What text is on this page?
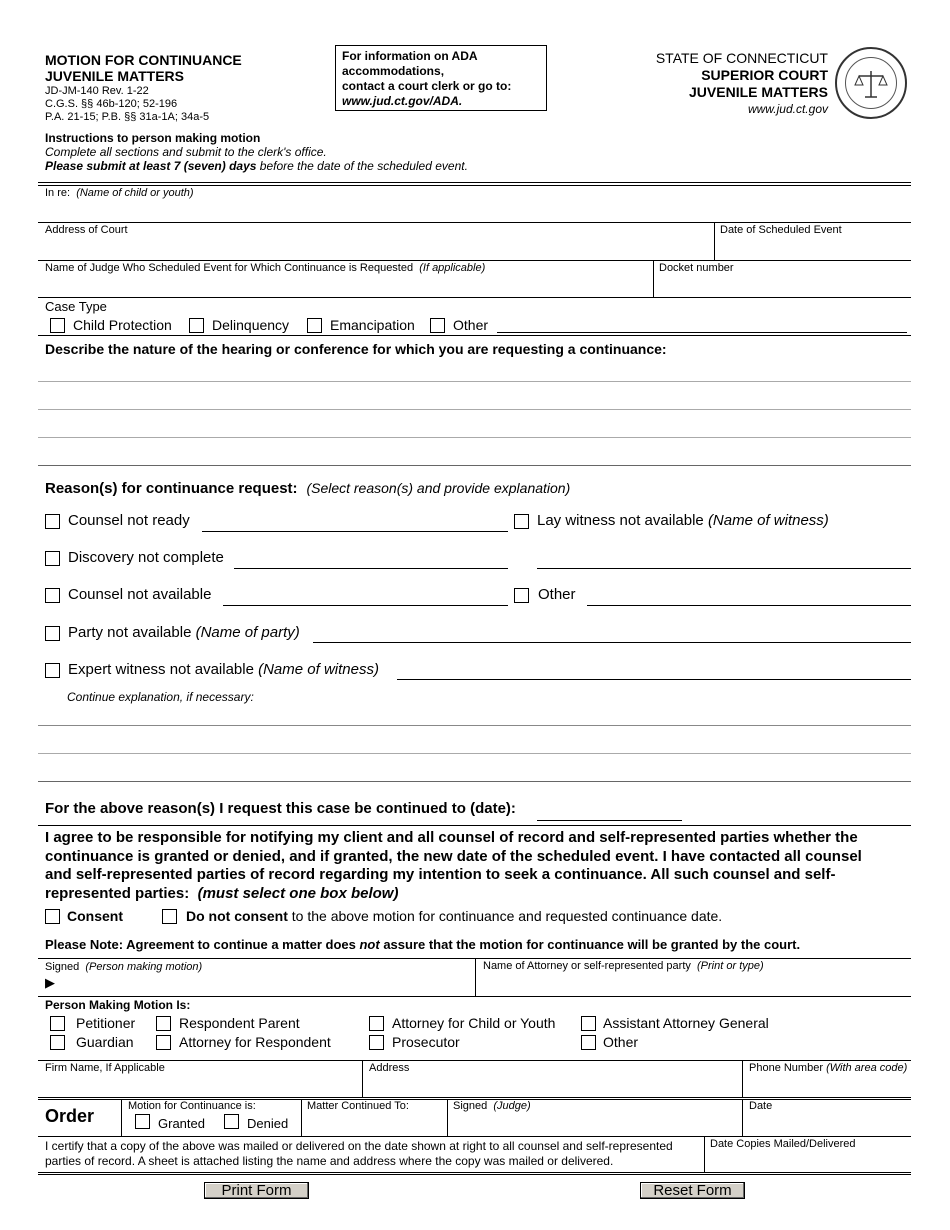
MOTION FOR CONTINUANCE
JUVENILE MATTERS
JD-JM-140 Rev. 1-22
C.G.S. §§ 46b-120; 52-196
P.A. 21-15; P.B. §§ 31a-1A; 34a-5
For information on ADA
accommodations,
contact a court clerk or go to:
www.jud.ct.gov/ADA.
STATE OF CONNECTICUT
SUPERIOR COURT
JUVENILE MATTERS
www.jud.ct.gov
Instructions to person making motion
Complete all sections and submit to the clerk's office.
Please submit at least 7 (seven) days before the date of the scheduled event.
In re: (Name of child or youth)
Address of Court	Date of Scheduled Event
Name of Judge Who Scheduled Event for Which Continuance is Requested (If applicable)	Docket number
Case Type
Child Protection	Delinquency	Emancipation	Other
Describe the nature of the hearing or conference for which you are requesting a continuance:
Reason(s) for continuance request: (Select reason(s) and provide explanation)
Counsel not ready	Lay witness not available (Name of witness)
Discovery not complete
Counsel not available	Other
Party not available (Name of party)
Expert witness not available (Name of witness)
Continue explanation, if necessary:
For the above reason(s) I request this case be continued to (date):
I agree to be responsible for notifying my client and all counsel of record and self-represented parties whether the
continuance is granted or denied, and if granted, the new date of the scheduled event. I have contacted all counsel
and self-represented parties of record regarding my intention to seek a continuance. All such counsel and self-
represented parties: (must select one box below)
Consent	Do not consent to the above motion for continuance and requested continuance date.
Please Note: Agreement to continue a matter does not assure that the motion for continuance will be granted by the court.
Signed (Person making motion)
▶
Name of Attorney or self-represented party (Print or type)
Person Making Motion Is:
Petitioner	Respondent Parent	Attorney for Child or Youth	Assistant Attorney General
Guardian	Attorney for Respondent	Prosecutor	Other
Firm Name, If Applicable	Address	Phone Number (With area code)
Order	Motion for Continuance is:
Granted	Denied
Matter Continued To:	Signed (Judge)	Date
I certify that a copy of the above was mailed or delivered on the date shown at right to all counsel and self-represented
parties of record. A sheet is attached listing the name and address where the copy was mailed or delivered.
Date Copies Mailed/Delivered
Print Form	Reset Form
